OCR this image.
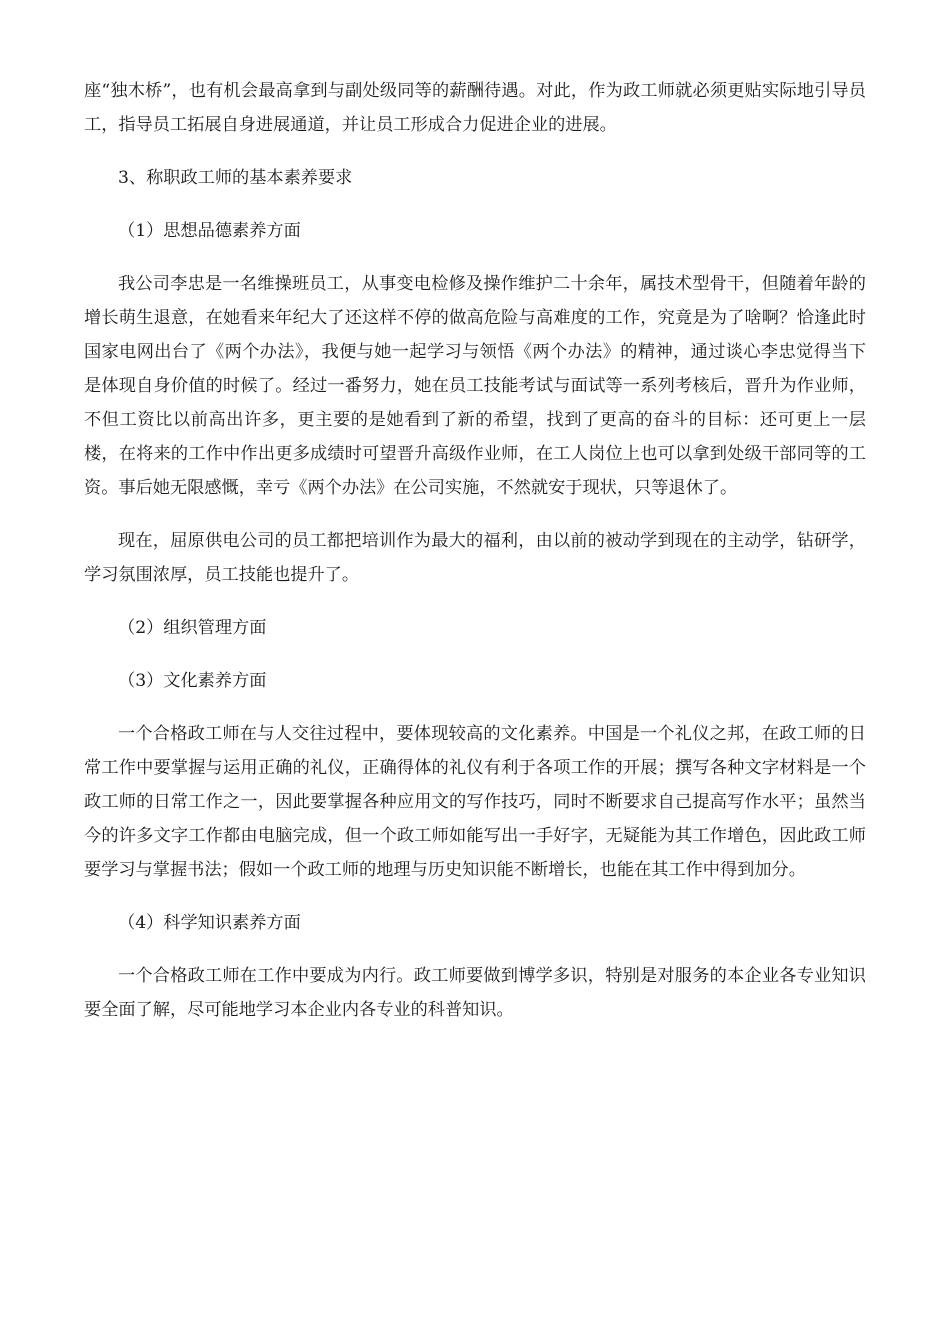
座“独木桥”，也有机会最高拿到与副处级同等的薪酬待遇。对此，作为政工师就必须更贴实际地引导员工，指导员工拓展自身进展通道，并让员工形成合力促进企业的进展。

3、称职政工师的基本素养要求

（1）思想品德素养方面

我公司李忠是一名维操班员工，从事变电检修及操作维护二十余年，属技术型骨干，但随着年龄的增长萌生退意，在她看来年纪大了还这样不停的做高危险与高难度的工作，究竟是为了啥啊？恰逢此时国家电网出台了《两个办法》，我便与她一起学习与领悟《两个办法》的精神，通过谈心李忠觉得当下是体现自身价值的时候了。经过一番努力，她在员工技能考试与面试等一系列考核后，晋升为作业师，不但工资比以前高出许多，更主要的是她看到了新的希望，找到了更高的奋斗的目标：还可更上一层楼，在将来的工作中作出更多成绩时可望晋升高级作业师，在工人岗位上也可以拿到处级干部同等的工资。事后她无限感慨，幸亏《两个办法》在公司实施，不然就安于现状，只等退休了。

现在，屈原供电公司的员工都把培训作为最大的福利，由以前的被动学到现在的主动学，钻研学，学习氛围浓厚，员工技能也提升了。

（2）组织管理方面

（3）文化素养方面

一个合格政工师在与人交往过程中，要体现较高的文化素养。中国是一个礼仪之邦，在政工师的日常工作中要掌握与运用正确的礼仪，正确得体的礼仪有利于各项工作的开展；撰写各种文字材料是一个政工师的日常工作之一，因此要掌握各种应用文的写作技巧，同时不断要求自己提高写作水平；虽然当今的许多文字工作都由电脑完成，但一个政工师如能写出一手好字，无疑能为其工作增色，因此政工师要学习与掌握书法；假如一个政工师的地理与历史知识能不断增长，也能在其工作中得到加分。

（4）科学知识素养方面

一个合格政工师在工作中要成为内行。政工师要做到博学多识，特别是对服务的本企业各专业知识要全面了解，尽可能地学习本企业内各专业的科普知识。
